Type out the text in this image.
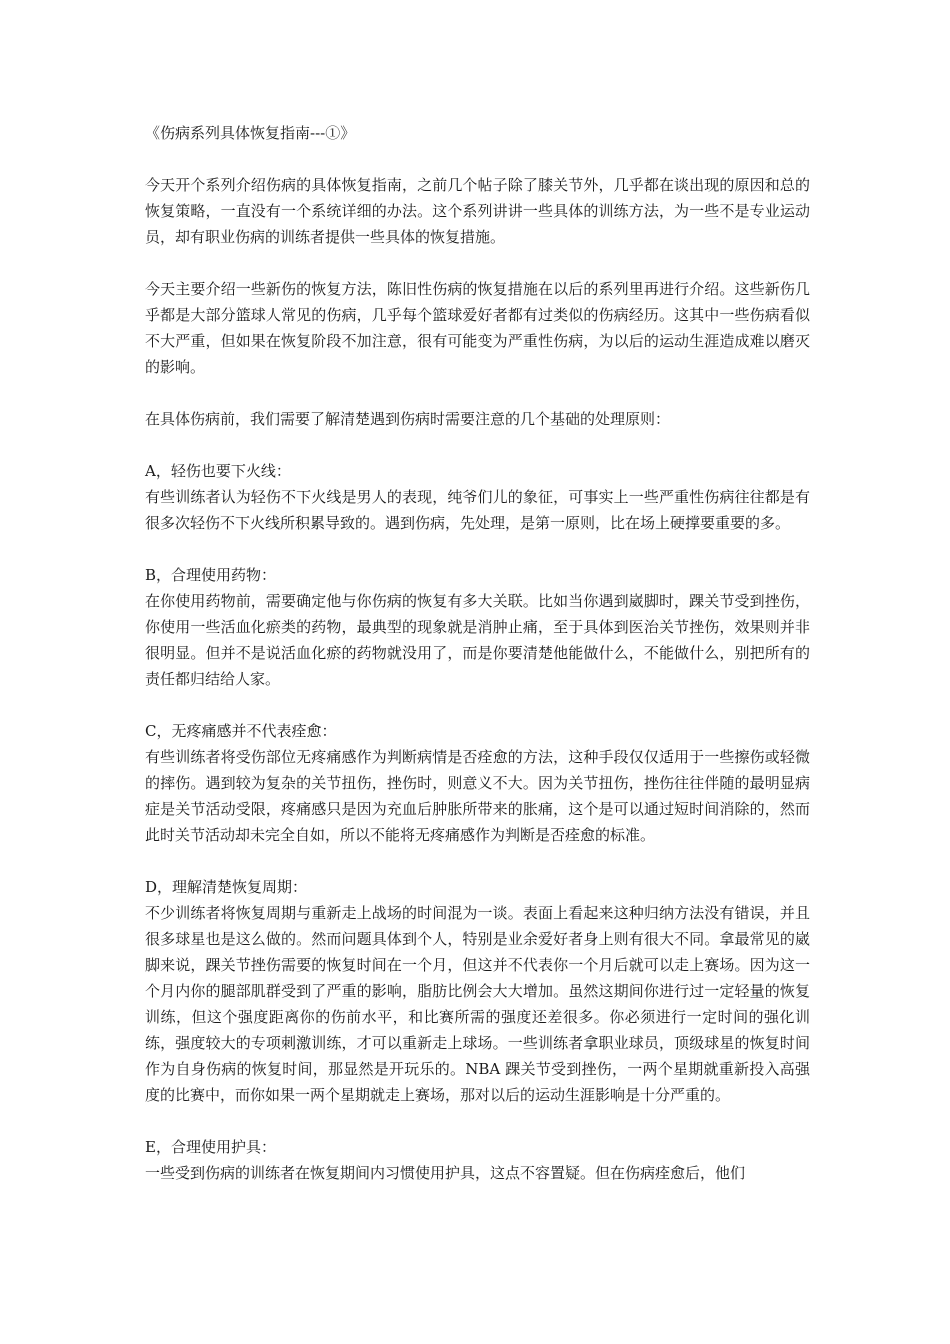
《伤病系列具体恢复指南---①》

今天开个系列介绍伤病的具体恢复指南，之前几个帖子除了膝关节外，几乎都在谈出现的原因和总的恢复策略，一直没有一个系统详细的办法。这个系列讲讲一些具体的训练方法，为一些不是专业运动员，却有职业伤病的训练者提供一些具体的恢复措施。

今天主要介绍一些新伤的恢复方法，陈旧性伤病的恢复措施在以后的系列里再进行介绍。这些新伤几乎都是大部分篮球人常见的伤病，几乎每个篮球爱好者都有过类似的伤病经历。这其中一些伤病看似不大严重，但如果在恢复阶段不加注意，很有可能变为严重性伤病，为以后的运动生涯造成难以磨灭的影响。

在具体伤病前，我们需要了解清楚遇到伤病时需要注意的几个基础的处理原则：

A，轻伤也要下火线：

有些训练者认为轻伤不下火线是男人的表现，纯爷们儿的象征，可事实上一些严重性伤病往往都是有很多次轻伤不下火线所积累导致的。遇到伤病，先处理，是第一原则，比在场上硬撑要重要的多。

B，合理使用药物：

在你使用药物前，需要确定他与你伤病的恢复有多大关联。比如当你遇到崴脚时，踝关节受到挫伤，你使用一些活血化瘀类的药物，最典型的现象就是消肿止痛，至于具体到医治关节挫伤，效果则并非很明显。但并不是说活血化瘀的药物就没用了，而是你要清楚他能做什么，不能做什么，别把所有的责任都归结给人家。

C，无疼痛感并不代表痊愈：

有些训练者将受伤部位无疼痛感作为判断病情是否痊愈的方法，这种手段仅仅适用于一些擦伤或轻微的摔伤。遇到较为复杂的关节扭伤，挫伤时，则意义不大。因为关节扭伤，挫伤往往伴随的最明显病症是关节活动受限，疼痛感只是因为充血后肿胀所带来的胀痛，这个是可以通过短时间消除的，然而此时关节活动却未完全自如，所以不能将无疼痛感作为判断是否痊愈的标准。

D，理解清楚恢复周期：

不少训练者将恢复周期与重新走上战场的时间混为一谈。表面上看起来这种归纳方法没有错误，并且很多球星也是这么做的。然而问题具体到个人，特别是业余爱好者身上则有很大不同。拿最常见的崴脚来说，踝关节挫伤需要的恢复时间在一个月，但这并不代表你一个月后就可以走上赛场。因为这一个月内你的腿部肌群受到了严重的影响，脂肪比例会大大增加。虽然这期间你进行过一定轻量的恢复训练，但这个强度距离你的伤前水平，和比赛所需的强度还差很多。你必须进行一定时间的强化训练，强度较大的专项刺激训练，才可以重新走上球场。一些训练者拿职业球员，顶级球星的恢复时间作为自身伤病的恢复时间，那显然是开玩乐的。NBA 踝关节受到挫伤，一两个星期就重新投入高强度的比赛中，而你如果一两个星期就走上赛场，那对以后的运动生涯影响是十分严重的。

E，合理使用护具：

一些受到伤病的训练者在恢复期间内习惯使用护具，这点不容置疑。但在伤病痊愈后，他们
